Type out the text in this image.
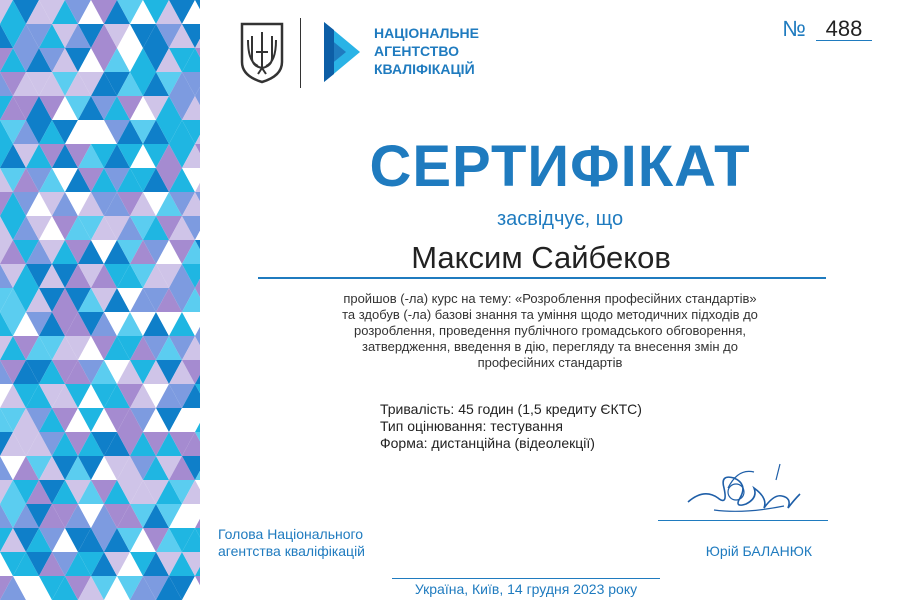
НАЦІОНАЛЬНЕ
АГЕНТСТВО
КВАЛІФІКАЦІЙ
№ 488
СЕРТИФІКАТ
засвідчує, що
Максим Сайбеков
пройшов (-ла) курс на тему: «Розроблення професійних стандартів»
та здобув (-ла) базові знання та уміння щодо методичних підходів до
розроблення, проведення публічного громадського обговорення,
затвердження, введення в дію, перегляду та внесення змін до
професійних стандартів
Тривалість: 45 годин (1,5 кредиту ЄКТС)
Тип оцінювання: тестування
Форма: дистанційна (відеолекції)
Голова Національного
агентства кваліфікацій	Юрій БАЛАНЮК
Україна, Київ, 14 грудня 2023 року
